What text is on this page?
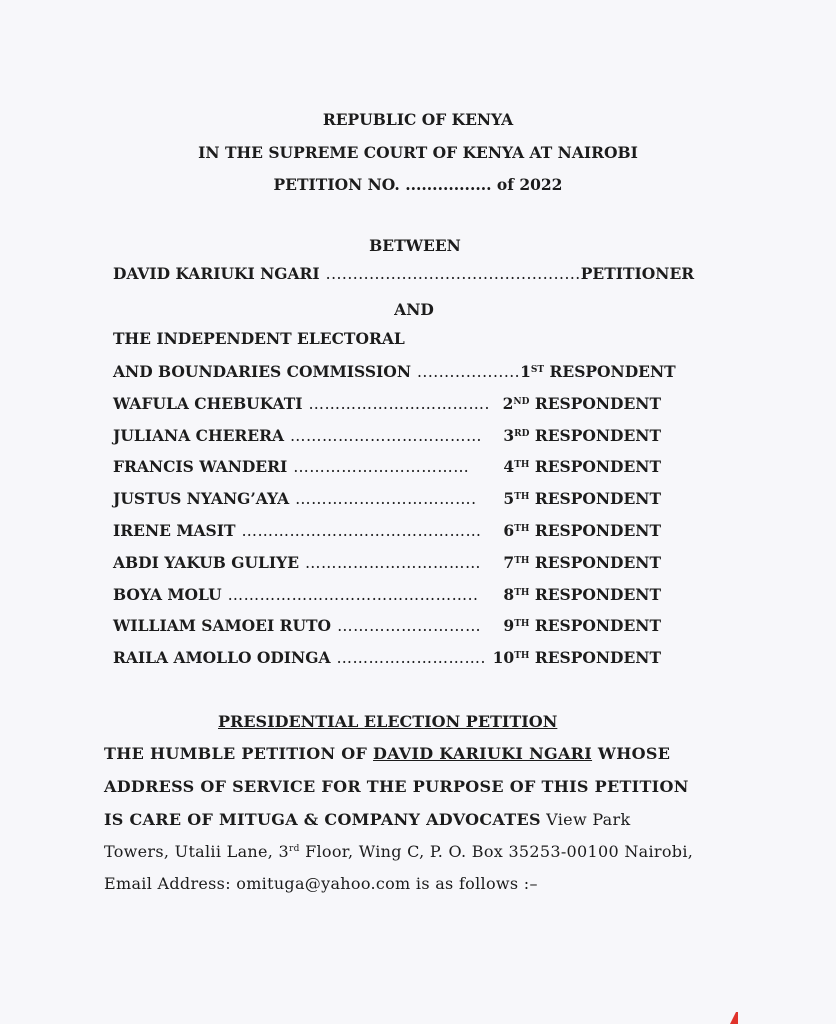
REPUBLIC OF KENYA
IN THE SUPREME COURT OF KENYA AT NAIROBI
PETITION NO. ................ of 2022
BETWEEN
DAVID KARIUKI NGARI ............................................... PETITIONER
AND
THE INDEPENDENT ELECTORAL
AND BOUNDARIES COMMISSION ................... 1ST RESPONDENT
WAFULA CHEBUKATI ……………………………. 2ND RESPONDENT
JULIANA CHERERA ………………………………	3RD RESPONDENT
FRANCIS WANDERI ……………………………	4TH RESPONDENT
JUSTUS NYANG’AYA …………………………….	5TH RESPONDENT
IRENE MASIT ………………………………………	6TH RESPONDENT
ABDI YAKUB GULIYE ……………………………	7TH RESPONDENT
BOYA MOLU ………………………………………..	8TH RESPONDENT
WILLIAM SAMOEI RUTO ………………………	9TH RESPONDENT
RAILA AMOLLO ODINGA ………………………. 10TH RESPONDENT
PRESIDENTIAL ELECTION PETITION
THE HUMBLE PETITION OF DAVID KARIUKI NGARI WHOSE
ADDRESS OF SERVICE FOR THE PURPOSE OF THIS PETITION
IS CARE OF MITUGA & COMPANY ADVOCATES View Park
Towers, Utalii Lane, 3rd Floor, Wing C, P. O. Box 35253-00100 Nairobi,
Email Address: omituga@yahoo.com is as follows :–
